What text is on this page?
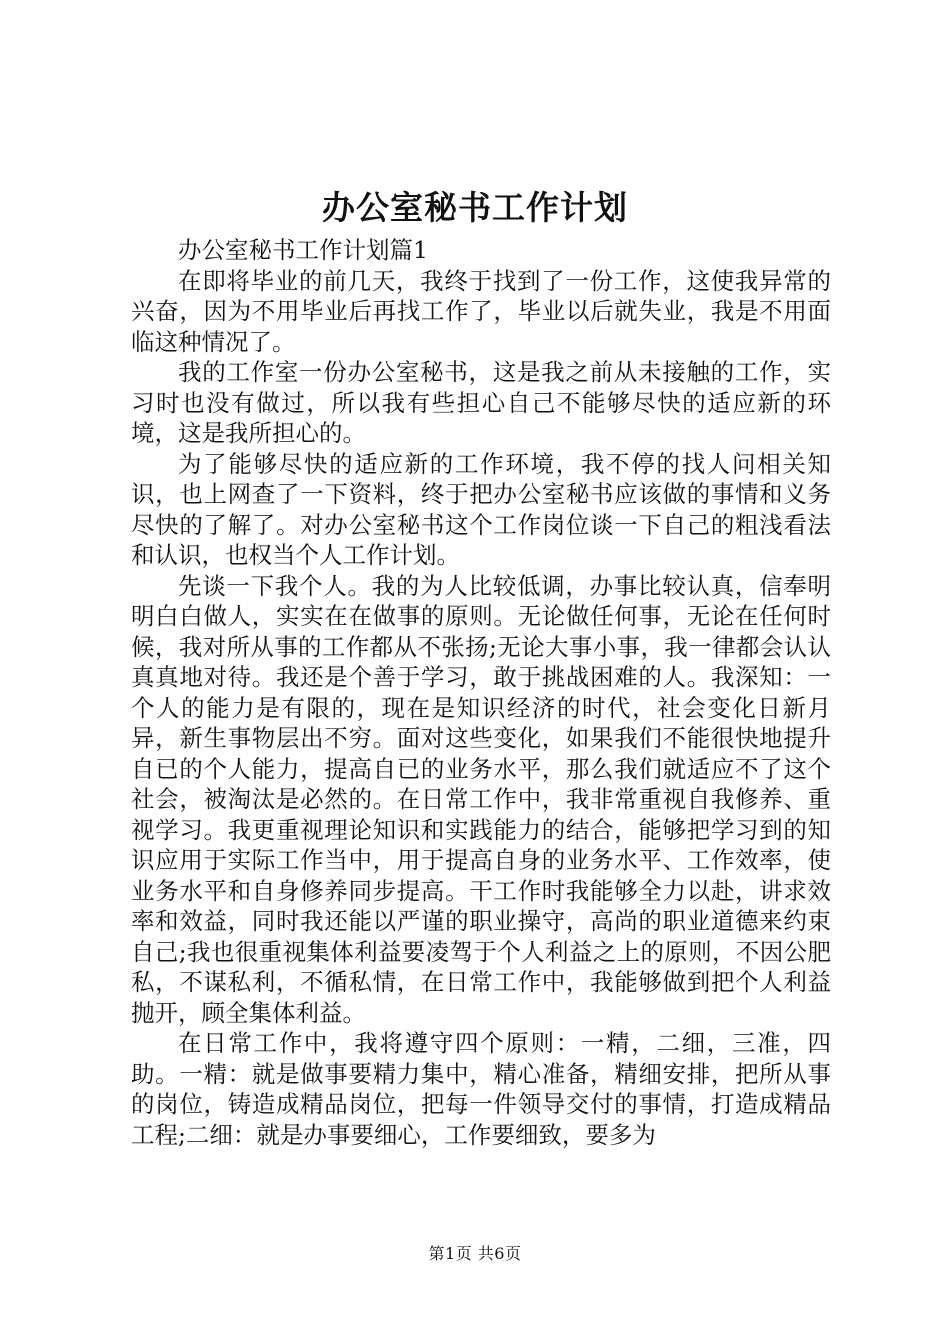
办公室秘书工作计划

办公室秘书工作计划篇1

在即将毕业的前几天，我终于找到了一份工作，这使我异常的兴奋，因为不用毕业后再找工作了，毕业以后就失业，我是不用面临这种情况了。

我的工作室一份办公室秘书，这是我之前从未接触的工作，实习时也没有做过，所以我有些担心自己不能够尽快的适应新的环境，这是我所担心的。

为了能够尽快的适应新的工作环境，我不停的找人问相关知识，也上网查了一下资料，终于把办公室秘书应该做的事情和义务尽快的了解了。对办公室秘书这个工作岗位谈一下自己的粗浅看法和认识，也权当个人工作计划。

先谈一下我个人。我的为人比较低调，办事比较认真，信奉明明白白做人，实实在在做事的原则。无论做任何事，无论在任何时候，我对所从事的工作都从不张扬;无论大事小事，我一律都会认认真真地对待。我还是个善于学习，敢于挑战困难的人。我深知：一个人的能力是有限的，现在是知识经济的时代，社会变化日新月异，新生事物层出不穷。面对这些变化，如果我们不能很快地提升自已的个人能力，提高自已的业务水平，那么我们就适应不了这个社会，被淘汰是必然的。在日常工作中，我非常重视自我修养、重视学习。我更重视理论知识和实践能力的结合，能够把学习到的知识应用于实际工作当中，用于提高自身的业务水平、工作效率，使业务水平和自身修养同步提高。干工作时我能够全力以赴，讲求效率和效益，同时我还能以严谨的职业操守，高尚的职业道德来约束自己;我也很重视集体利益要凌驾于个人利益之上的原则，不因公肥私，不谋私利，不循私情，在日常工作中，我能够做到把个人利益抛开，顾全集体利益。

在日常工作中，我将遵守四个原则：一精，二细，三准，四助。一精：就是做事要精力集中，精心准备，精细安排，把所从事的岗位，铸造成精品岗位，把每一件领导交付的事情，打造成精品工程;二细：就是办事要细心，工作要细致，要多为

第1页 共6页
